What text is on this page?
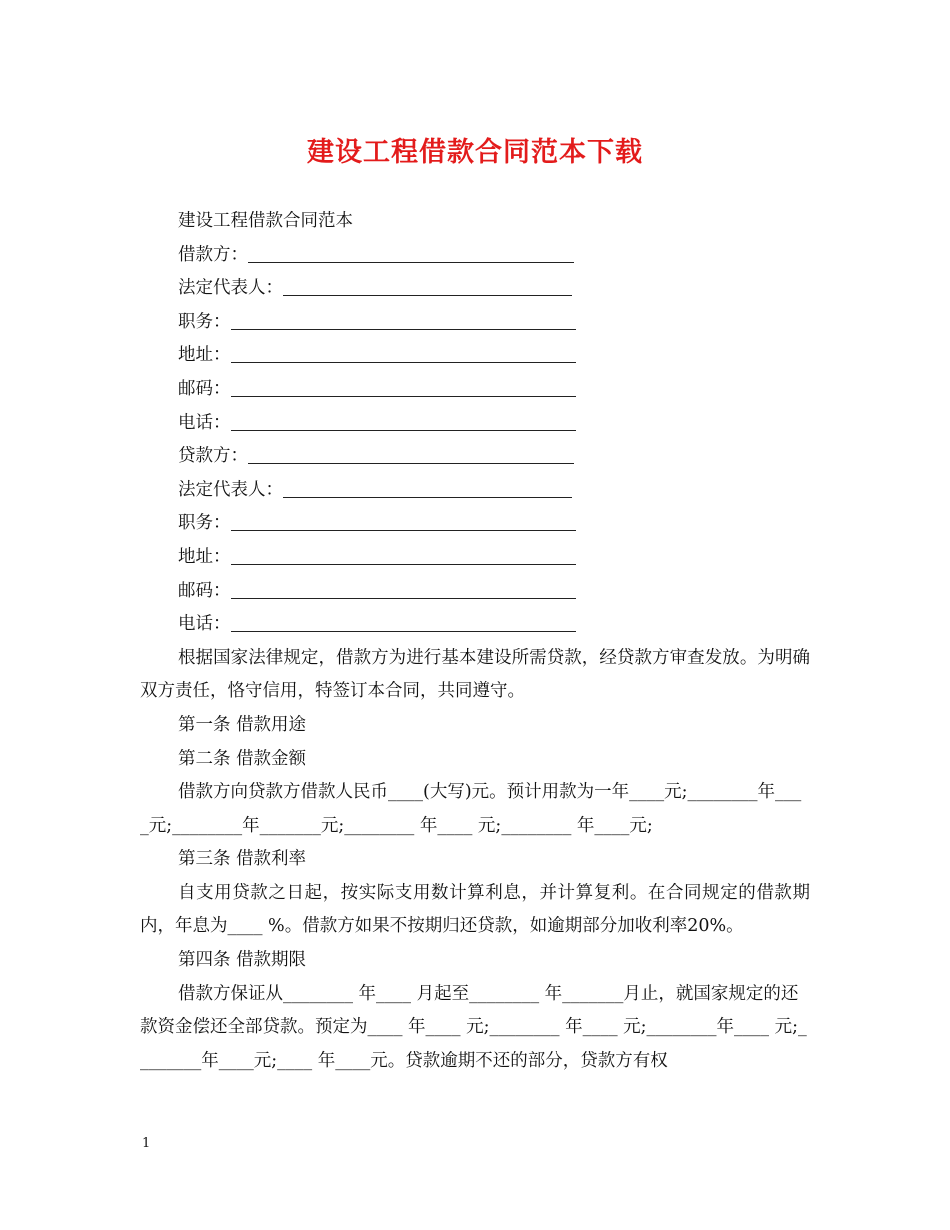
建设工程借款合同范本下载

建设工程借款合同范本

借款方：

法定代表人：

职务：

地址：

邮码：

电话：

贷款方：

法定代表人：

职务：

地址：

邮码：

电话：

根据国家法律规定，借款方为进行基本建设所需贷款，经贷款方审查发放。为明确双方责任，恪守信用，特签订本合同，共同遵守。

第一条 借款用途

第二条 借款金额

借款方向贷款方借款人民币____(大写)元。预计用款为一年____元;________年____元;________年_______元;________ 年____ 元;________ 年____元;

第三条 借款利率

自支用贷款之日起，按实际支用数计算利息，并计算复利。在合同规定的借款期内，年息为____ %。借款方如果不按期归还贷款，如逾期部分加收利率20%。

第四条 借款期限

借款方保证从________ 年____ 月起至________ 年_______月止，就国家规定的还款资金偿还全部贷款。预定为____ 年____ 元;________ 年____ 元;________年____ 元;________年____元;____ 年____元。贷款逾期不还的部分，贷款方有权

1
